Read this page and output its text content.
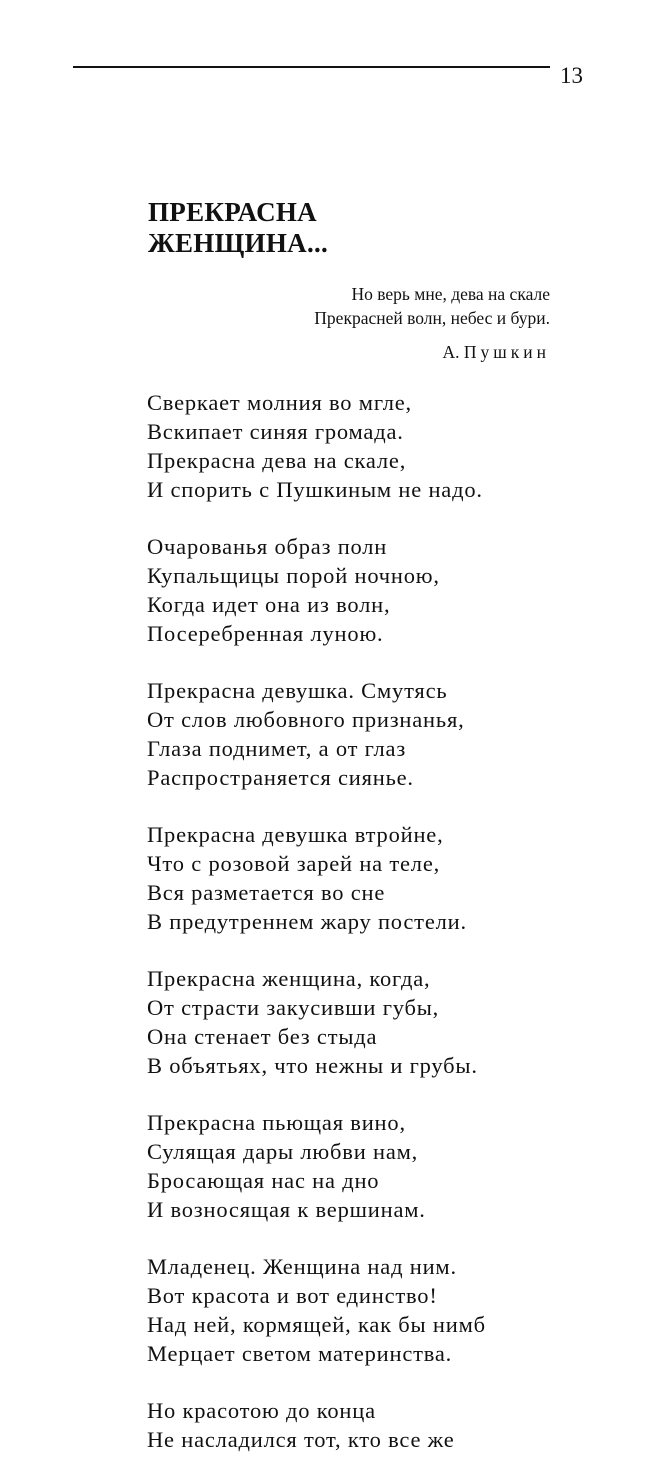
13
ПРЕКРАСНА
ЖЕНЩИНА...
Но верь мне, дева на скале
Прекрасней волн, небес и бури.
А. Пушкин
Сверкает молния во мгле,
Вскипает синяя громада.
Прекрасна дева на скале,
И спорить с Пушкиным не надо.
Очарованья образ полн
Купальщицы порой ночною,
Когда идет она из волн,
Посеребренная луною.
Прекрасна девушка. Смутясь
От слов любовного признанья,
Глаза поднимет, а от глаз
Распространяется сиянье.
Прекрасна девушка втройне,
Что с розовой зарей на теле,
Вся разметается во сне
В предутреннем жару постели.
Прекрасна женщина, когда,
От страсти закусивши губы,
Она стенает без стыда
В объятьях, что нежны и грубы.
Прекрасна пьющая вино,
Сулящая дары любви нам,
Бросающая нас на дно
И возносящая к вершинам.
Младенец. Женщина над ним.
Вот красота и вот единство!
Над ней, кормящей, как бы нимб
Мерцает светом материнства.
Но красотою до конца
Не насладился тот, кто все же
